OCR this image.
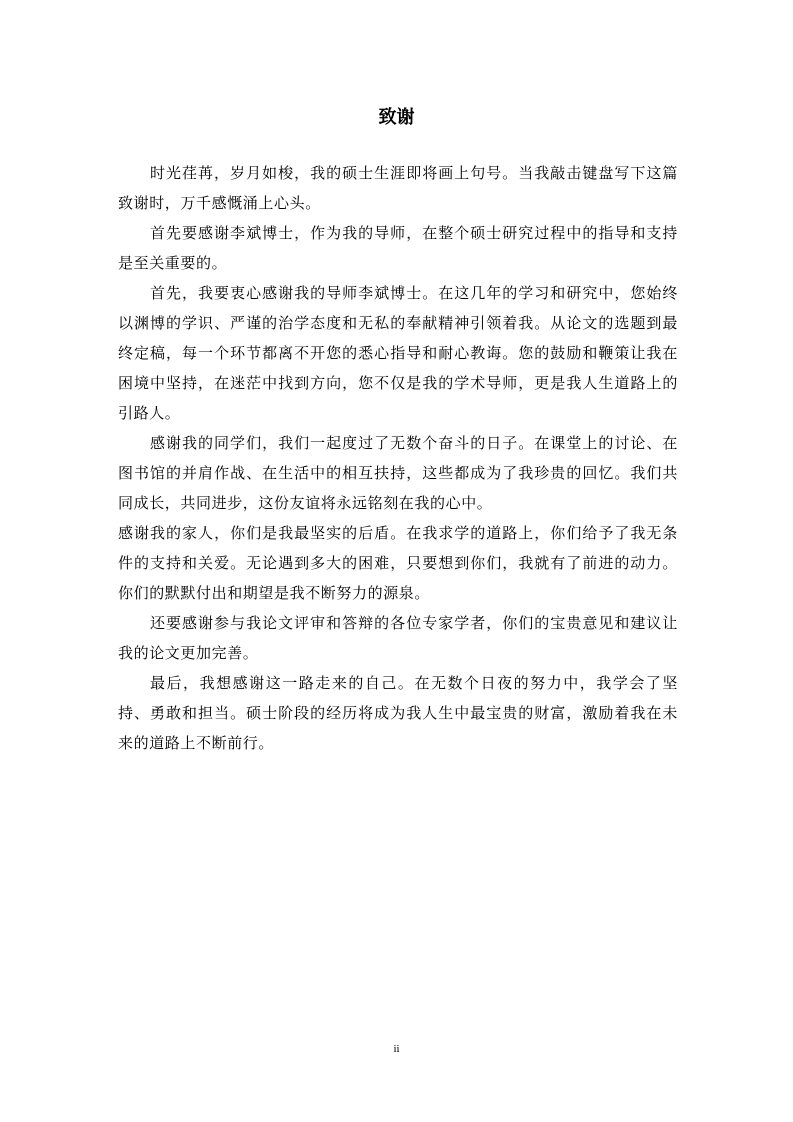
致谢

时光荏苒，岁月如梭，我的硕士生涯即将画上句号。当我敲击键盘写下这篇致谢时，万千感慨涌上心头。

首先要感谢李斌博士，作为我的导师，在整个硕士研究过程中的指导和支持是至关重要的。

首先，我要衷心感谢我的导师李斌博士。在这几年的学习和研究中，您始终以渊博的学识、严谨的治学态度和无私的奉献精神引领着我。从论文的选题到最终定稿，每一个环节都离不开您的悉心指导和耐心教诲。您的鼓励和鞭策让我在困境中坚持，在迷茫中找到方向，您不仅是我的学术导师，更是我人生道路上的引路人。

感谢我的同学们，我们一起度过了无数个奋斗的日子。在课堂上的讨论、在图书馆的并肩作战、在生活中的相互扶持，这些都成为了我珍贵的回忆。我们共同成长，共同进步，这份友谊将永远铭刻在我的心中。

感谢我的家人，你们是我最坚实的后盾。在我求学的道路上，你们给予了我无条件的支持和关爱。无论遇到多大的困难，只要想到你们，我就有了前进的动力。你们的默默付出和期望是我不断努力的源泉。

还要感谢参与我论文评审和答辩的各位专家学者，你们的宝贵意见和建议让我的论文更加完善。

最后，我想感谢这一路走来的自己。在无数个日夜的努力中，我学会了坚持、勇敢和担当。硕士阶段的经历将成为我人生中最宝贵的财富，激励着我在未来的道路上不断前行。

ii
